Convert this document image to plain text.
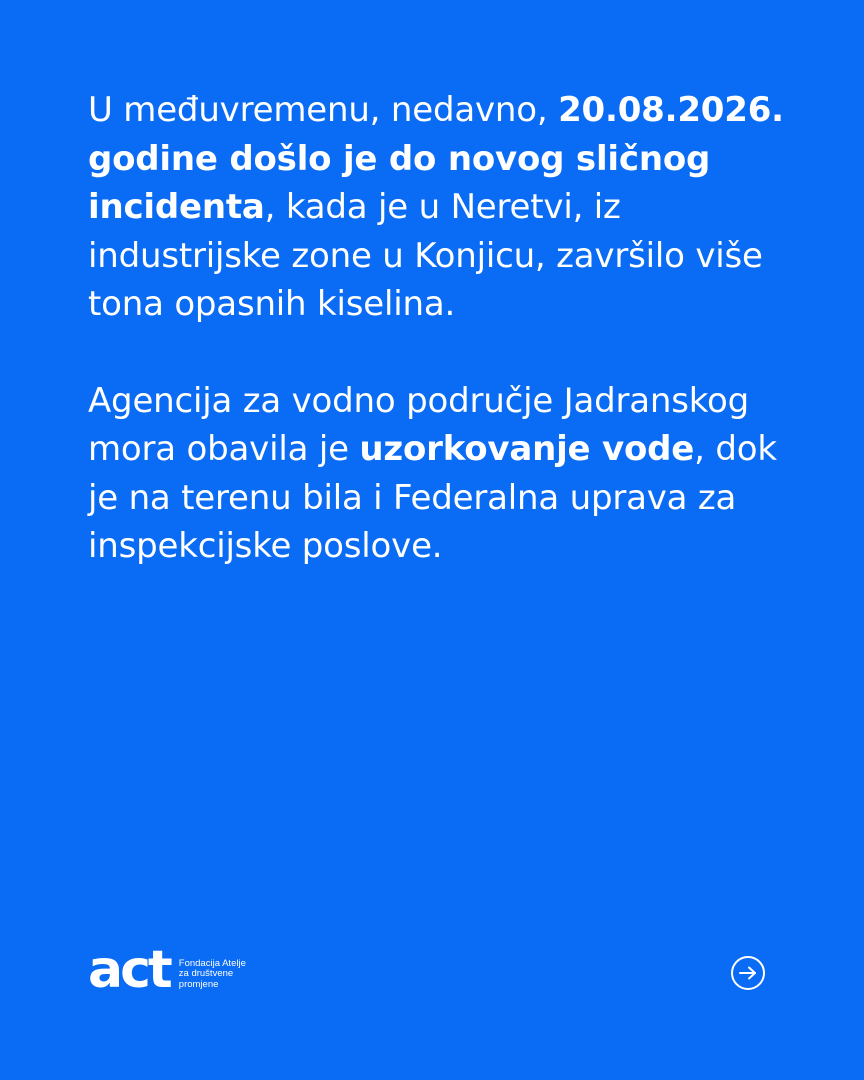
U međuvremenu, nedavno, 20.08.2026. godine došlo je do novog sličnog incidenta, kada je u Neretvi, iz industrijske zone u Konjicu, završilo više tona opasnih kiselina.

Agencija za vodno područje Jadranskog mora obavila je uzorkovanje vode, dok je na terenu bila i Federalna uprava za inspekcijske poslove.

act Fondacija Atelje
za društvene
promjene
